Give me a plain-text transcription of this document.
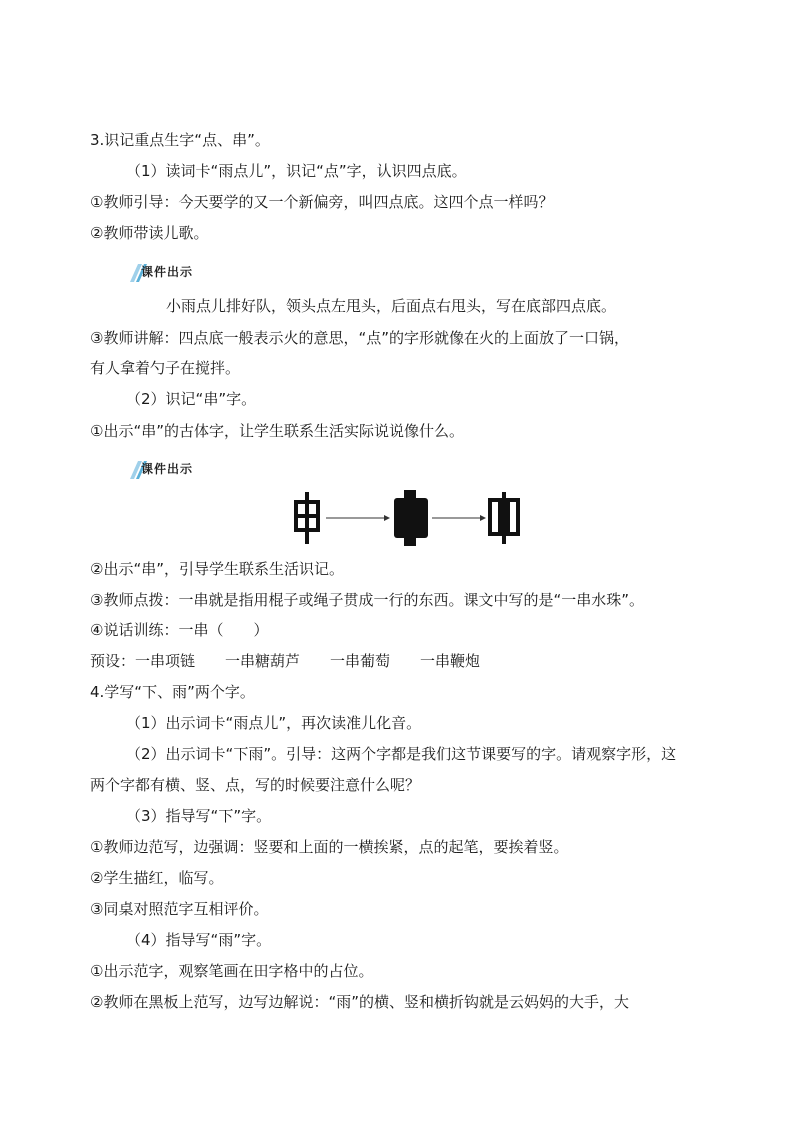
3.识记重点生字“点、串”。
（1）读词卡“雨点儿”，识记“点”字，认识四点底。
①教师引导：今天要学的又一个新偏旁，叫四点底。这四个点一样吗？
②教师带读儿歌。
课件出示
小雨点儿排好队，领头点左甩头，后面点右甩头，写在底部四点底。
③教师讲解：四点底一般表示火的意思，“点”的字形就像在火的上面放了一口锅，
有人拿着勺子在搅拌。
（2）识记“串”字。
①出示“串”的古体字，让学生联系生活实际说说像什么。
课件出示
②出示“串”，引导学生联系生活识记。
③教师点拨：一串就是指用棍子或绳子贯成一行的东西。课文中写的是“一串水珠”。
④说话训练：一串（　　）
预设：一串项链　　一串糖葫芦　　一串葡萄　　一串鞭炮
4.学写“下、雨”两个字。
（1）出示词卡“雨点儿”，再次读准儿化音。
（2）出示词卡“下雨”。引导：这两个字都是我们这节课要写的字。请观察字形，这
两个字都有横、竖、点，写的时候要注意什么呢？
（3）指导写“下”字。
①教师边范写，边强调：竖要和上面的一横挨紧，点的起笔，要挨着竖。
②学生描红，临写。
③同桌对照范字互相评价。
（4）指导写“雨”字。
①出示范字，观察笔画在田字格中的占位。
②教师在黑板上范写，边写边解说：“雨”的横、竖和横折钩就是云妈妈的大手，大
